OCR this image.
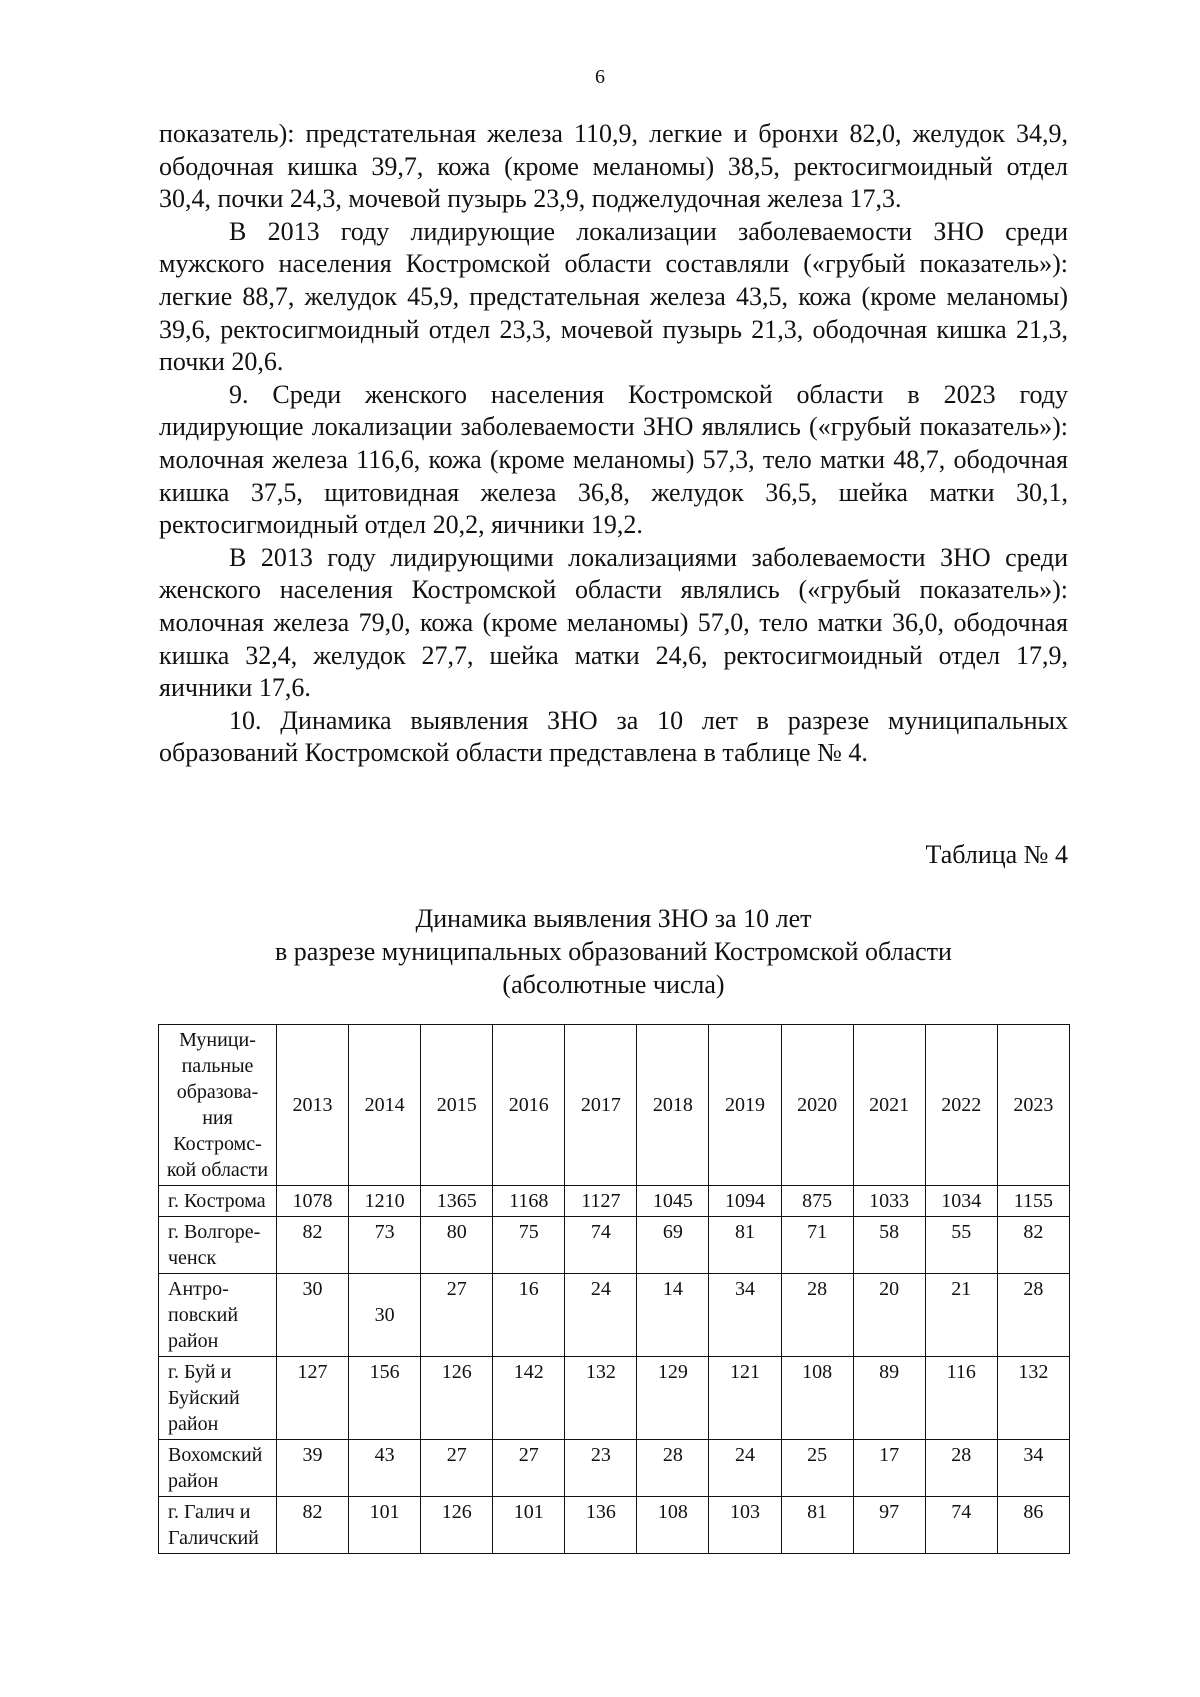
6

показатель): предстательная железа 110,9, легкие и бронхи 82,0, желудок 34,9, ободочная кишка 39,7, кожа (кроме меланомы) 38,5, ректосигмоидный отдел 30,4, почки 24,3, мочевой пузырь 23,9, поджелудочная железа 17,3.

В 2013 году лидирующие локализации заболеваемости ЗНО среди мужского населения Костромской области составляли («грубый показатель»): легкие 88,7, желудок 45,9, предстательная железа 43,5, кожа (кроме меланомы) 39,6, ректосигмоидный отдел 23,3, мочевой пузырь 21,3, ободочная кишка 21,3, почки 20,6.

9. Среди женского населения Костромской области в 2023 году лидирующие локализации заболеваемости ЗНО являлись («грубый показатель»): молочная железа 116,6, кожа (кроме меланомы) 57,3, тело матки 48,7, ободочная кишка 37,5, щитовидная железа 36,8, желудок 36,5, шейка матки 30,1, ректосигмоидный отдел 20,2, яичники 19,2.

В 2013 году лидирующими локализациями заболеваемости ЗНО среди женского населения Костромской области являлись («грубый показатель»): молочная железа 79,0, кожа (кроме меланомы) 57,0, тело матки 36,0, ободочная кишка 32,4, желудок 27,7, шейка матки 24,6, ректосигмоидный отдел 17,9, яичники 17,6.

10. Динамика выявления ЗНО за 10 лет в разрезе муниципальных образований Костромской области представлена в таблице № 4.

Таблица № 4
Динамика выявления ЗНО за 10 лет
в разрезе муниципальных образований Костромской области
(абсолютные числа)
Муници-пальные образова-ния Костромс-кой области	2013	2014	2015	2016	2017	2018	2019	2020	2021	2022	2023
г. Кострома	1078	1210	1365	1168	1127	1045	1094	875	1033	1034	1155
г. Волгоре-ченск	82	73	80	75	74	69	81	71	58	55	82
Антро-повский район	30	30	27	16	24	14	34	28	20	21	28
г. Буй и Буйский район	127	156	126	142	132	129	121	108	89	116	132
Вохомский район	39	43	27	27	23	28	24	25	17	28	34
г. Галич и Галичский	82	101	126	101	136	108	103	81	97	74	86
